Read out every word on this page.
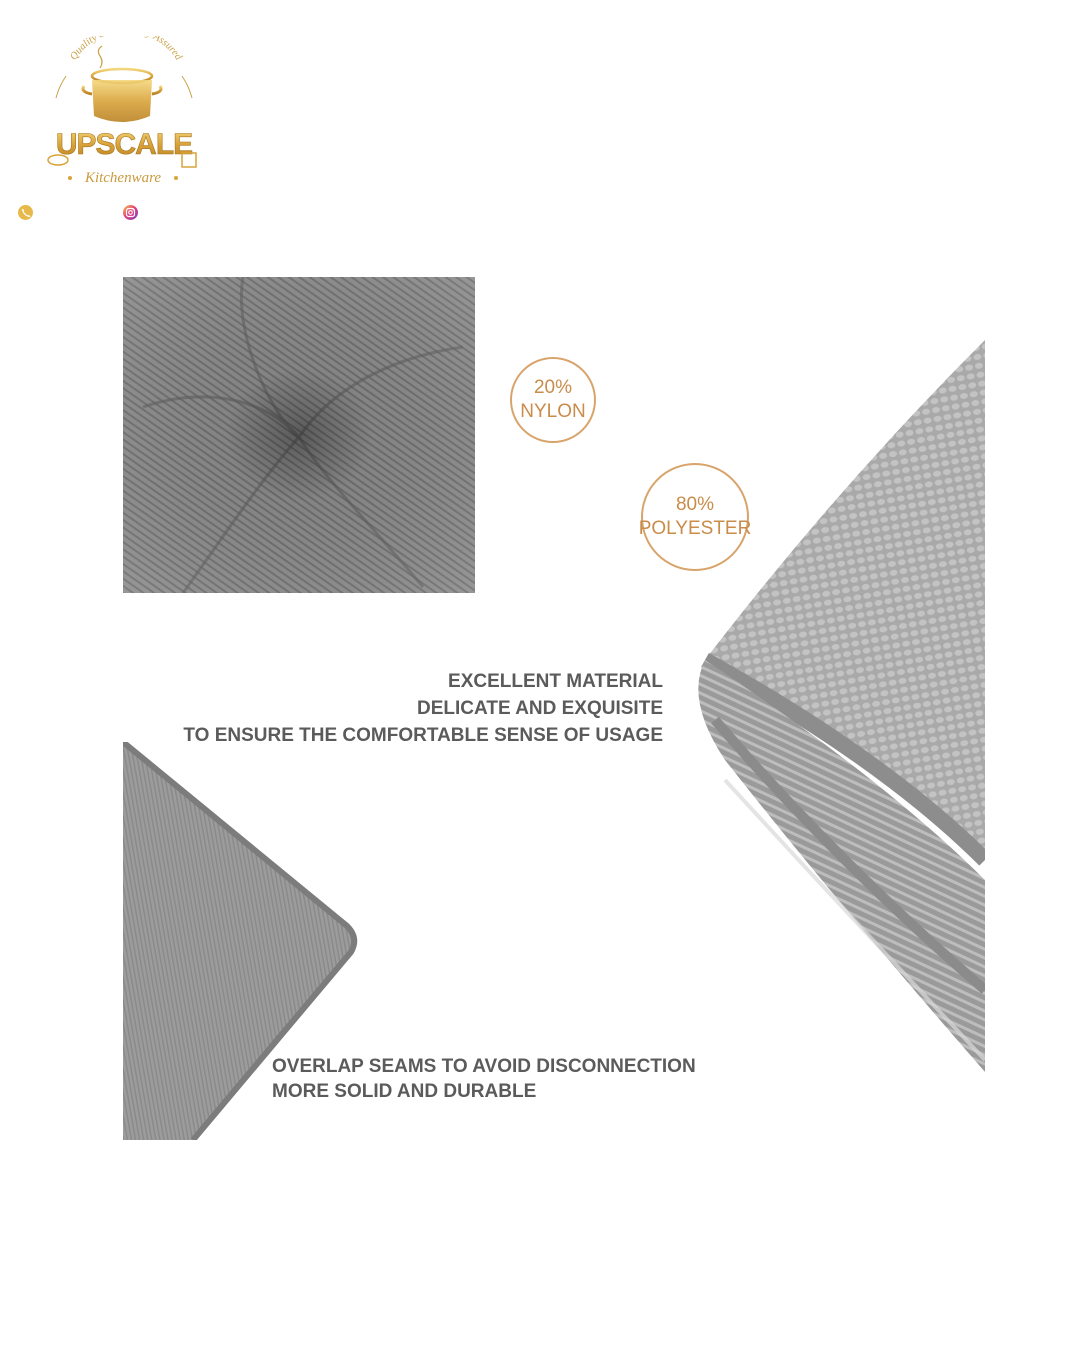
Quality Assured
UPSCALE
Kitchenware
20%
NYLON
80%
POLYESTER
EXCELLENT MATERIAL
DELICATE AND EXQUISITE
TO ENSURE THE COMFORTABLE SENSE OF USAGE
OVERLAP SEAMS TO AVOID DISCONNECTION
MORE SOLID AND DURABLE
